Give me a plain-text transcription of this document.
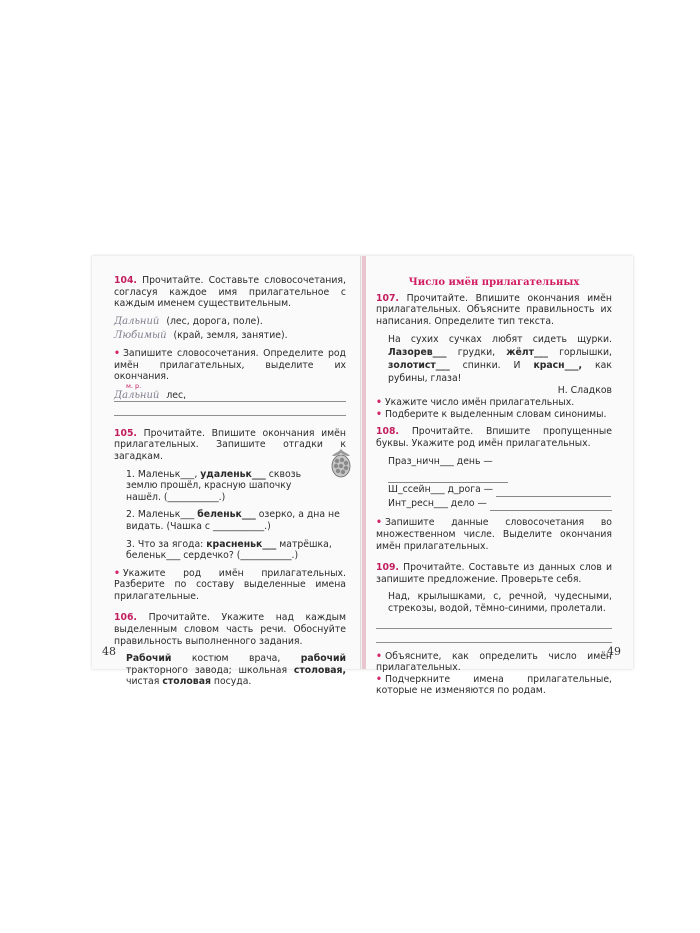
104. Прочитайте. Составьте словосочетания, согласуя каждое имя прилагательное с каждым именем существительным.

Дальний (лес, дорога, поле).

Любимый (край, земля, занятие).

• Запишите словосочетания. Определите род имён прилагательных, выделите их окончания.

м. р.
Дальний лес,

105. Прочитайте. Впишите окончания имён прилагательных. Запишите отгадки к загадкам.

1. Маленьк___, удаленьк___ сквозь землю прошёл, красную шапочку нашёл. (___________.)

2. Маленьк___ беленьк___ озерко, а дна не видать. (Чашка с ___________.)

3. Что за ягода: красненьк___ матрёшка, беленьк___ сердечко? (___________.)

• Укажите род имён прилагательных. Разберите по составу выделенные имена прилагательные.

106. Прочитайте. Укажите над каждым выделенным словом часть речи. Обоснуйте правильность выполненного задания.

Рабочий костюм врача, рабочий тракторного завода; школьная столовая, чистая столовая посуда.

48

Число имён прилагательных

107. Прочитайте. Впишите окончания имён прилагательных. Объясните правильность их написания. Определите тип текста.

На сухих сучках любят сидеть щурки. Лазорев___ грудки, жёлт___ горлышки, золотист___ спинки. И красн___, как рубины, глаза!

Н. Сладков

• Укажите число имён прилагательных.

• Подберите к выделенным словам синонимы.

108. Прочитайте. Впишите пропущенные буквы. Укажите род имён прилагательных.

Праз_ничн___ день —

Ш_ссейн___ д_рога —

Инт_ресн___ дело —

• Запишите данные словосочетания во множественном числе. Выделите окончания имён прилагательных.

109. Прочитайте. Составьте из данных слов и запишите предложение. Проверьте себя.

Над, крылышками, с, речной, чудесными, стрекозы, водой, тёмно-синими, пролетали.

• Объясните, как определить число имён прилагательных.

• Подчеркните имена прилагательные, которые не изменяются по родам.

49
